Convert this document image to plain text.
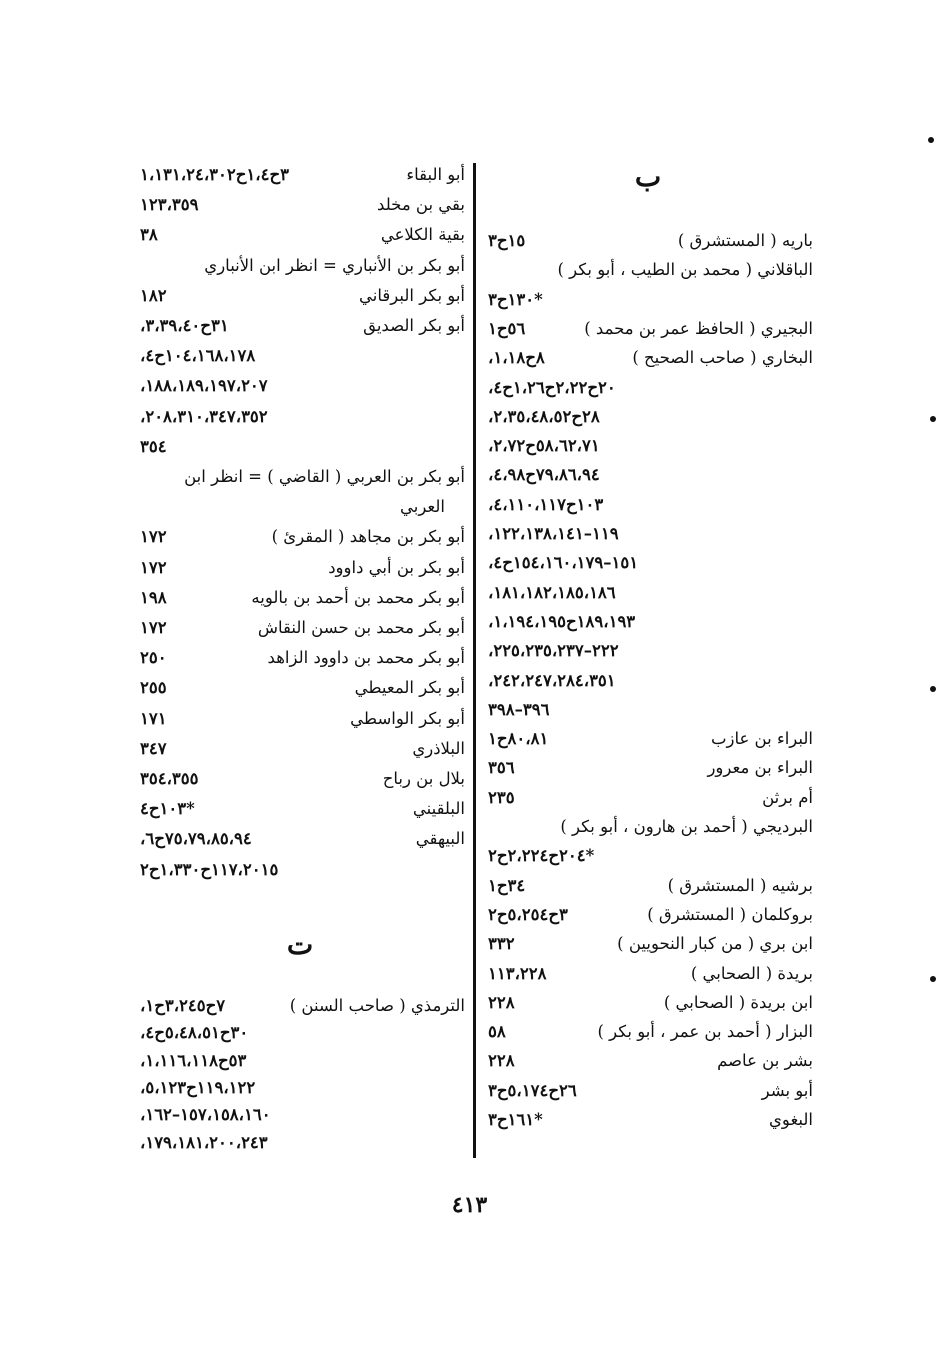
ب
باريه ( المستشرق )
١٥ح٣
الباقلاني ( محمد بن الطيب ، أبو بكر )
*١٣٠ح٣
البجيري ( الحافظ عمر بن محمد )
٥٦ح١
البخاري ( صاحب الصحيح )
٨ح١،١٨،
٢٠ح٢،٢٢ح١،٢٦ح٤،
٢٨ح٢،٣٥،٤٨،٥٢،
٥٨،٦٢،٧١ح٢،٧٢،
٧٩،٨٦،٩٤ح٤،٩٨،
١٠٣ح٤،١١٠،١١٧،
١١٩–١٢٢،١٣٨،١٤١،
١٥١–١٥٤،١٦٠،١٧٩ح٤،
١٨١،١٨٢،١٨٥،١٨٦،
١٨٩،١٩٣ح١،١٩٤،١٩٥،
٢٢٢–٢٢٥،٢٣٥،٢٣٧،
٢٤٢،٢٤٧،٢٨٤،٣٥١،
٣٩٦–٣٩٨
البراء بن عازب
٨٠،٨١ح١
البراء بن معرور
٣٥٦
أم برثن
٢٣٥
البرديجي ( أحمد بن هارون ، أبو بكر )
*٢٠٤ح٢،٢٢٤ح٢
برشيه ( المستشرق )
٣٤ح١
بروكلمان ( المستشرق )
٣ح٥،٢٥٤ح٢
ابن بري ( من كبار النحويين )
٣٣٢
بريدة ( الصحابي )
١١٣،٢٢٨
ابن بريدة ( الصحابي )
٢٢٨
البزار ( أحمد بن عمر ، أبو بكر )
٥٨
بشر بن عاصم
٢٢٨
أبو بشر
٢٦ح٥،١٧٤ح٣
البغوي
*١٦١ح٣
ت
أبو البقاء
٣ح١،٤ح١،١٣١،٢٤،٣٠٢
بقي بن مخلد
١٢٣،٣٥٩
بقية الكلاعي
٣٨
أبو بكر بن الأنباري = انظر ابن الأنباري
أبو بكر البرقاني
١٨٢
أبو بكر الصديق
٣١ح٣،٣٩،٤٠،
١٠٤،١٦٨،١٧٨ح٤،
١٨٨،١٨٩،١٩٧،٢٠٧،
٢٠٨،٣١٠،٣٤٧،٣٥٢،
٣٥٤
أبو بكر بن العربي ( القاضي ) = انظر ابن
العربي
أبو بكر بن مجاهد ( المقرئ )
١٧٢
أبو بكر بن أبي داوود
١٧٢
أبو بكر محمد بن أحمد بن بالويه
١٩٨
أبو بكر محمد بن حسن النقاش
١٧٢
أبو بكر محمد بن داوود الزاهد
٢٥٠
أبو بكر المعيطي
٢٥٥
أبو بكر الواسطي
١٧١
البلاذري
٣٤٧
بلال بن رباح
٣٥٤،٣٥٥
البلقيني
*١٠٣ح٤
البيهقي
٧٥،٧٩،٨٥،٩٤ح٦،
١١٧،٢٠١٥ح١،٣٣٠ح٢
الترمذي ( صاحب السنن )
٧ح٣،٢٤٥ح١،
٣٠ح٥،٤٨،٥١ح٤،
٥٣ح١،١١٦،١١٨،
١١٩،١٢٢ح٥،١٢٣،
١٥٧،١٥٨،١٦٠–١٦٢،
١٧٩،١٨١،٢٠٠،٢٤٣،
٤١٣
